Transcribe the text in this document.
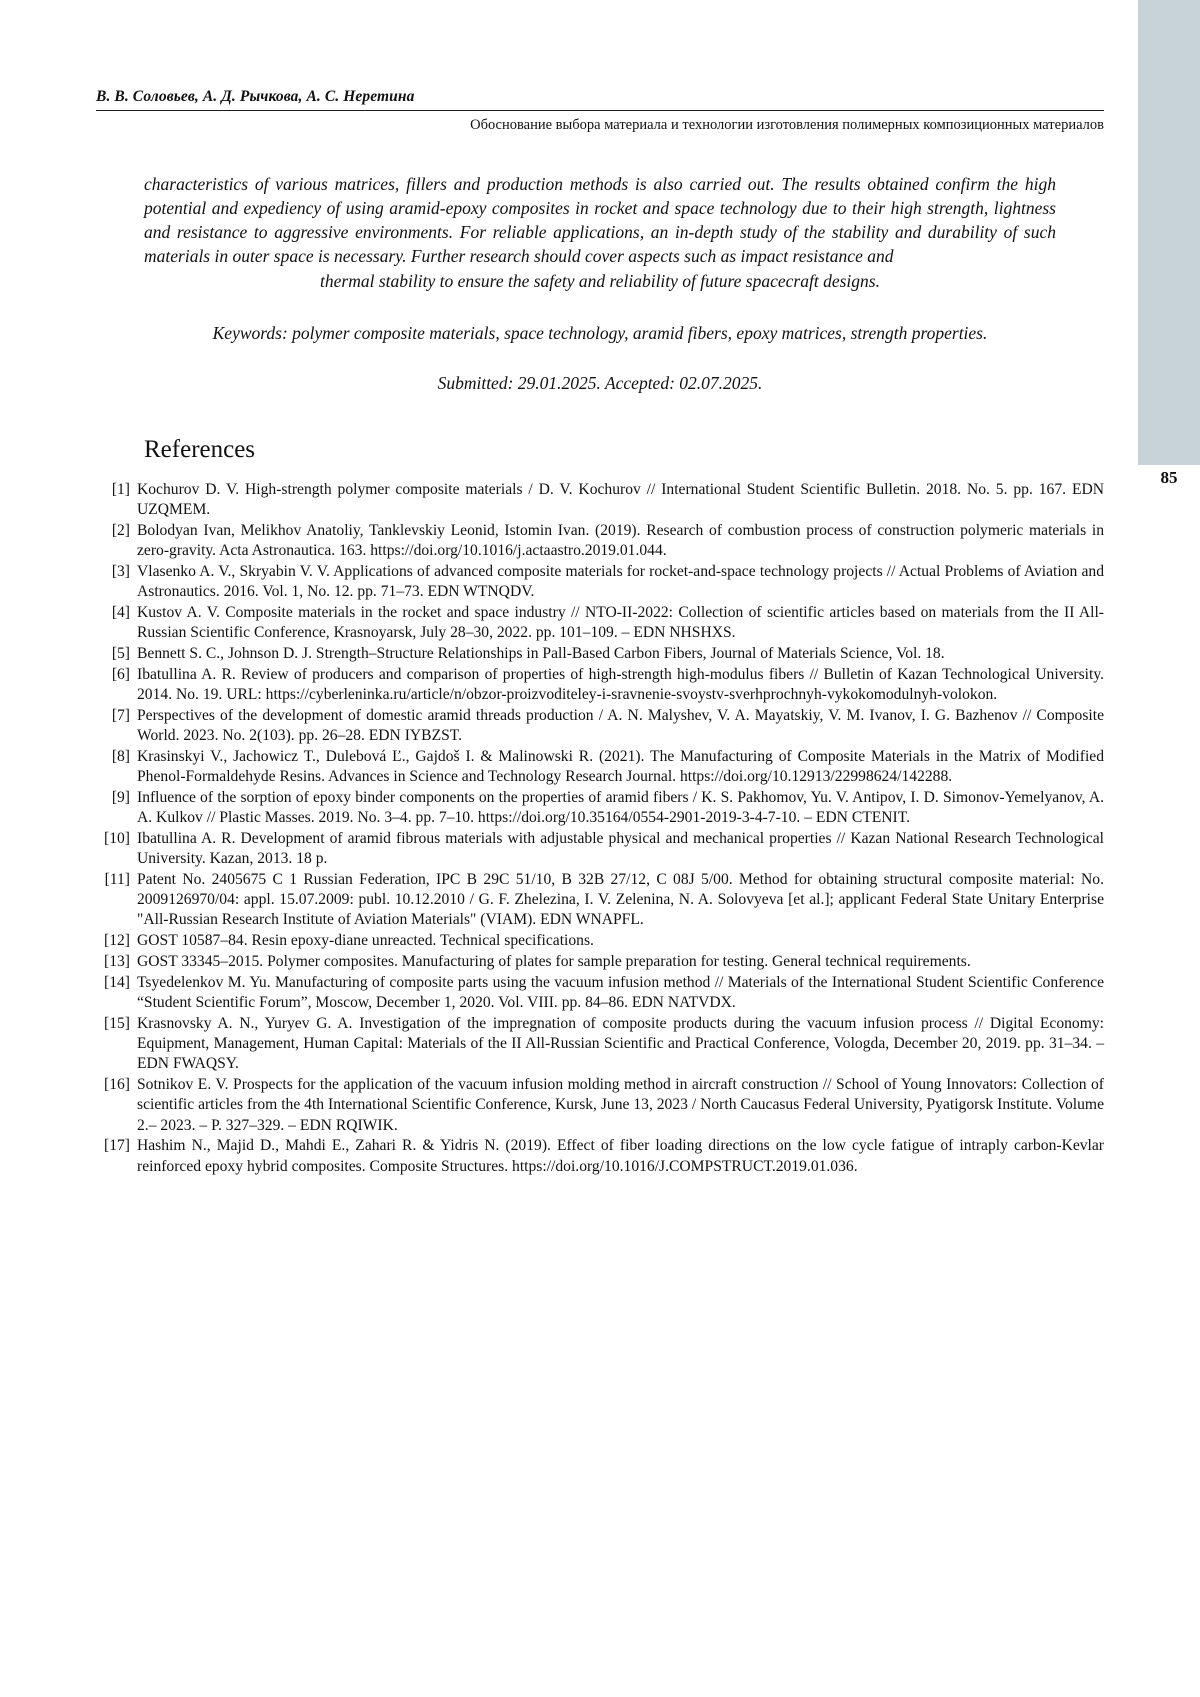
85
В. В. Соловьев, А. Д. Рычкова, А. С. Неретина
Обоснование выбора материала и технологии изготовления полимерных композиционных материалов
characteristics of various matrices, fillers and production methods is also carried out. The results obtained confirm the high potential and expediency of using aramid-epoxy composites in rocket and space technology due to their high strength, lightness and resistance to aggressive environments. For reliable applications, an in-depth study of the stability and durability of such materials in outer space is necessary. Further research should cover aspects such as impact resistance and
thermal stability to ensure the safety and reliability of future spacecraft designs.
Keywords: polymer composite materials, space technology, aramid fibers, epoxy matrices, strength properties.
Submitted: 29.01.2025. Accepted: 02.07.2025.
References
[1] Kochurov D. V. High-strength polymer composite materials / D. V. Kochurov // International Student Scientific Bulletin. 2018. No. 5. pp. 167. EDN UZQMEM.
[2] Bolodyan Ivan, Melikhov Anatoliy, Tanklevskiy Leonid, Istomin Ivan. (2019). Research of combustion process of construction polymeric materials in zero-gravity. Acta Astronautica. 163. https://doi.org/10.1016/j.actaastro.2019.01.044.
[3] Vlasenko A. V., Skryabin V. V. Applications of advanced composite materials for rocket-and-space technology projects // Actual Problems of Aviation and Astronautics. 2016. Vol. 1, No. 12. pp. 71–73. EDN WTNQDV.
[4] Kustov A. V. Composite materials in the rocket and space industry // NTO-II-2022: Collection of scientific articles based on materials from the II All-Russian Scientific Conference, Krasnoyarsk, July 28–30, 2022. pp. 101–109. – EDN NHSHXS.
[5] Bennett S. C., Johnson D. J. Strength–Structure Relationships in Pall-Based Carbon Fibers, Journal of Materials Science, Vol. 18.
[6] Ibatullina A. R. Review of producers and comparison of properties of high-strength high-modulus fibers // Bulletin of Kazan Technological University. 2014. No. 19. URL: https://cyberleninka.ru/article/n/obzor-proizvoditeley-i-sravnenie-svoystv-sverhprochnyh-vykokomodulnyh-volokon.
[7] Perspectives of the development of domestic aramid threads production / A. N. Malyshev, V. A. Mayatskiy, V. M. Ivanov, I. G. Bazhenov // Composite World. 2023. No. 2(103). pp. 26–28. EDN IYBZST.
[8] Krasinskyi V., Jachowicz T., Dulebová Ľ., Gajdoš I. & Malinowski R. (2021). The Manufacturing of Composite Materials in the Matrix of Modified Phenol-Formaldehyde Resins. Advances in Science and Technology Research Journal. https://doi.org/10.12913/22998624/142288.
[9] Influence of the sorption of epoxy binder components on the properties of aramid fibers / K. S. Pakhomov, Yu. V. Antipov, I. D. Simonov-Yemelyanov, A. A. Kulkov // Plastic Masses. 2019. No. 3–4. pp. 7–10. https://doi.org/10.35164/0554-2901-2019-3-4-7-10. – EDN CTENIT.
[10] Ibatullina A. R. Development of aramid fibrous materials with adjustable physical and mechanical properties // Kazan National Research Technological University. Kazan, 2013. 18 p.
[11] Patent No. 2405675 C 1 Russian Federation, IPC B 29C 51/10, B 32B 27/12, C 08J 5/00. Method for obtaining structural composite material: No. 2009126970/04: appl. 15.07.2009: publ. 10.12.2010 / G. F. Zhelezina, I. V. Zelenina, N. A. Solovyeva [et al.]; applicant Federal State Unitary Enterprise "All-Russian Research Institute of Aviation Materials" (VIAM). EDN WNAPFL.
[12] GOST 10587–84. Resin epoxy-diane unreacted. Technical specifications.
[13] GOST 33345–2015. Polymer composites. Manufacturing of plates for sample preparation for testing. General technical requirements.
[14] Tsyedelenkov M. Yu. Manufacturing of composite parts using the vacuum infusion method // Materials of the International Student Scientific Conference “Student Scientific Forum”, Moscow, December 1, 2020. Vol. VIII. pp. 84–86. EDN NATVDX.
[15] Krasnovsky A. N., Yuryev G. A. Investigation of the impregnation of composite products during the vacuum infusion process // Digital Economy: Equipment, Management, Human Capital: Materials of the II All-Russian Scientific and Practical Conference, Vologda, December 20, 2019. pp. 31–34. – EDN FWAQSY.
[16] Sotnikov E. V. Prospects for the application of the vacuum infusion molding method in aircraft construction // School of Young Innovators: Collection of scientific articles from the 4th International Scientific Conference, Kursk, June 13, 2023 / North Caucasus Federal University, Pyatigorsk Institute. Volume 2.– 2023. – P. 327–329. – EDN RQIWIK.
[17] Hashim N., Majid D., Mahdi E., Zahari R. & Yidris N. (2019). Effect of fiber loading directions on the low cycle fatigue of intraply carbon-Kevlar reinforced epoxy hybrid composites. Composite Structures. https://doi.org/10.1016/J.COMPSTRUCT.2019.01.036.
